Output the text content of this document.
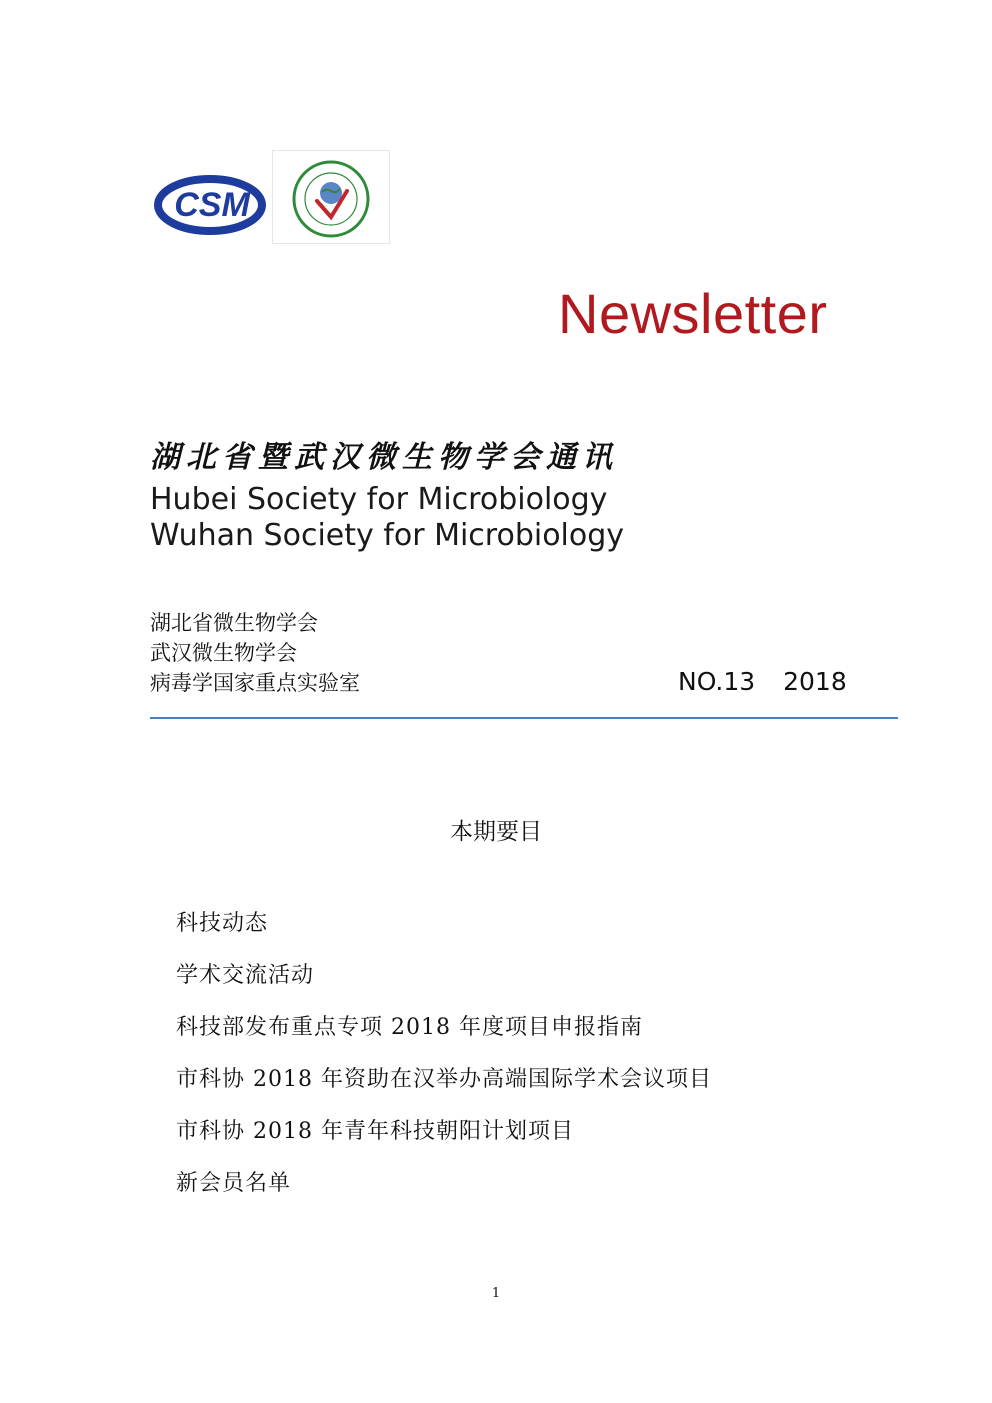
CSM
Newsletter
湖北省暨武汉微生物学会通讯
Hubei Society for Microbiology
Wuhan Society for Microbiology
湖北省微生物学会
武汉微生物学会
病毒学国家重点实验室	NO.13 2018
本期要目
科技动态
学术交流活动
科技部发布重点专项 2018 年度项目申报指南
市科协 2018 年资助在汉举办高端国际学术会议项目
市科协 2018 年青年科技朝阳计划项目
新会员名单
1
